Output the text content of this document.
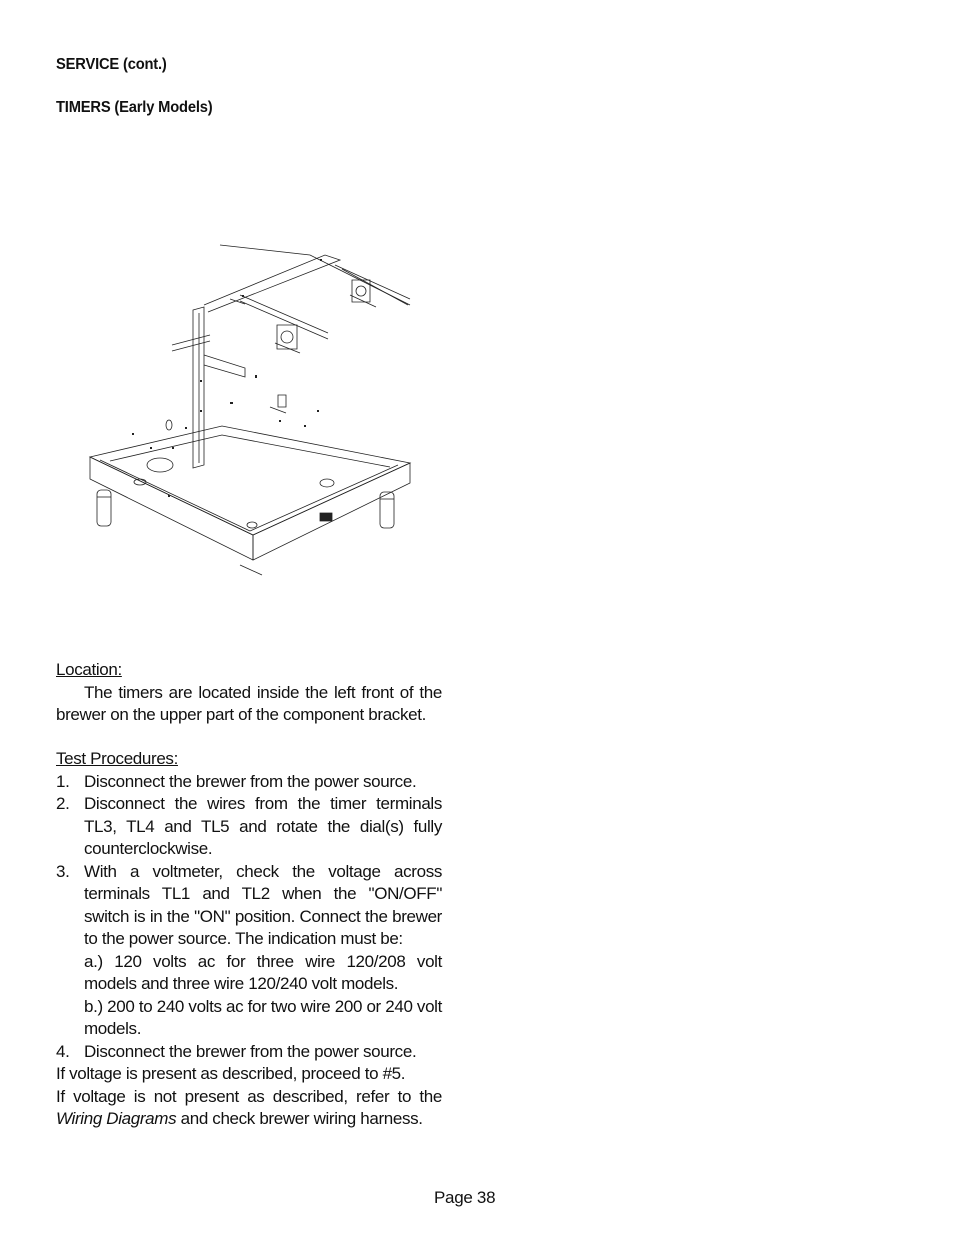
SERVICE (cont.)
TIMERS (Early Models)
Location:
The timers are located inside the left front of the brewer on the upper part of the component bracket.
Test Procedures:
1. Disconnect the brewer from the power source.
2. Disconnect the wires from the timer terminals TL3, TL4 and TL5 and rotate the dial(s) fully counterclockwise.
3. With a voltmeter, check the voltage across terminals TL1 and TL2 when the "ON/OFF" switch is in the "ON" position. Connect the brewer to the power source. The indication must be:
a.) 120 volts ac for three wire 120/208 volt models and three wire 120/240 volt models.
b.) 200 to 240 volts ac for two wire 200 or 240 volt models.
4. Disconnect the brewer from the power source.
If voltage is present as described, proceed to #5.
If voltage is not present as described, refer to the Wiring Diagrams and check brewer wiring harness.
Page 38
